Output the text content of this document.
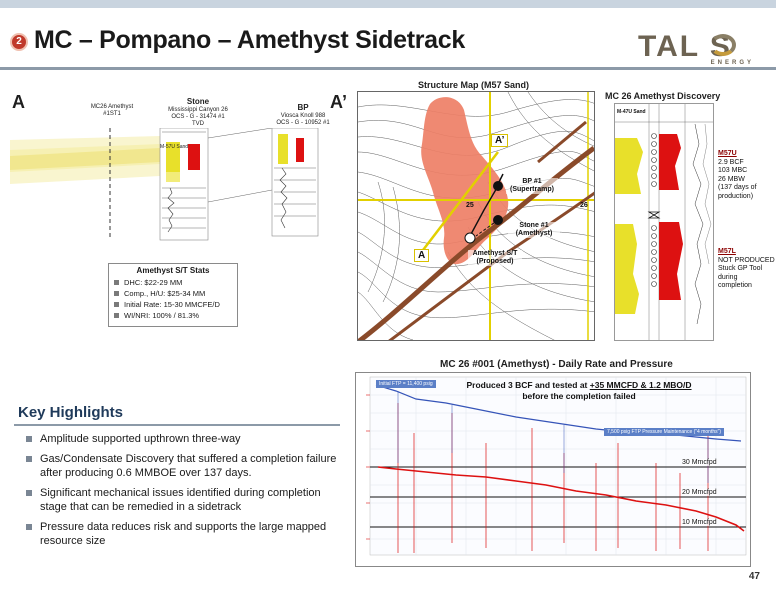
2 MC – Pompano – Amethyst Sidetrack	TAL S
ENERGY
A	A’
MC26 Amethyst
#1ST1
Stone
Mississippi Canyon 26
OCS - G - 31474 #1
TVD
BP
Viosca Knoll 988
OCS - G - 10952 #1
M-57U Sand
Amethyst S/T Stats
DHC: $22-29 MM
Comp., H/U: $25-34 MM
Initial Rate: 15-30 MMCFE/D
WI/NRI: 100% / 81.3%
Structure Map (M57 Sand)
A’
A
BP #1 (Supertramp)
Stone #1 (Amethyst)
Amethyst S/T (Proposed)
25	26
MC 26 Amethyst Discovery
M-47U Sand
M57U
2.9 BCF
103 MBC
26 MBW
(137 days of
production)
M57L
NOT PRODUCED
Stuck GP Tool
during
completion
Key Highlights
Amplitude supported upthrown three-way
Gas/Condensate Discovery that suffered a completion failure after producing 0.6 MMBOE over 137 days.
Significant mechanical issues identified during completion stage that can be remedied in a sidetrack
Pressure data reduces risk and supports the large mapped resource size
MC 26 #001 (Amethyst) - Daily Rate and Pressure
Initial FTP = 11,400 psig
7,500 psig FTP Pressure Maintenance ("4 months")
Produced 3 BCF and tested at +35 MMCFD & 1.2 MBO/D
before the completion failed
30 Mmcfpd
20 Mmcfpd
10 Mmcfpd
47
